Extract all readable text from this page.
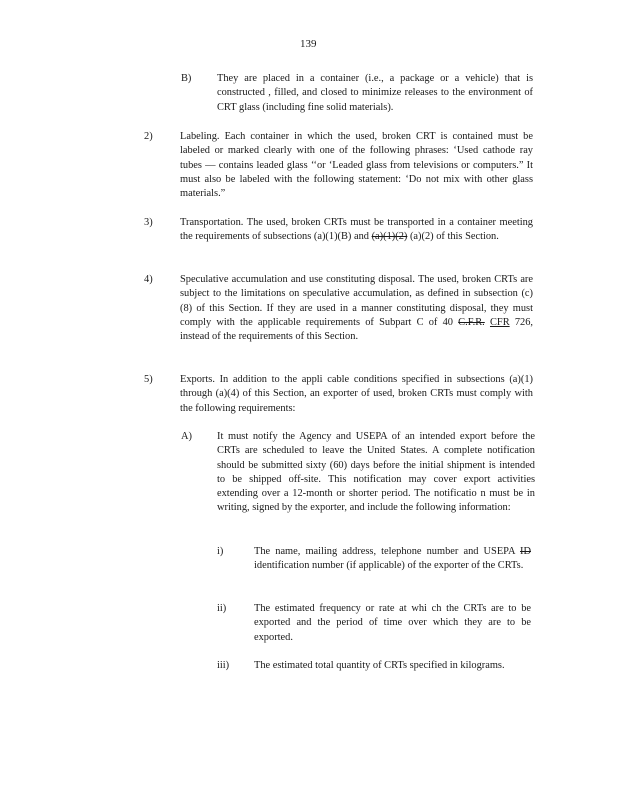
139
B) They are placed in a container (i.e., a package or a vehicle) that is constructed , filled, and closed to minimize releases to the environment of CRT glass (including fine solid materials).
2)	Labeling. Each container in which the used, broken CRT is contained must be labeled or marked clearly with one of the following phrases: ‘Used cathode ray tubes — contains leaded glass ‘‘or ‘Leaded glass from televisions or computers.” It must also be labeled with the following statement: ‘Do not mix with other glass materials.”
3)	Transportation. The used, broken CRTs must be transported in a container meeting the requirements of subsections (a)(1)(B) and (a)(1)(2) (a)(2) of this Section.
4)	Speculative accumulation and use constituting disposal. The used, broken CRTs are subject to the limitations on speculative accumulation, as defined in subsection (c)(8) of this Section. If they are used in a manner constituting disposal, they must comply with the applicable requirements of Subpart C of 40 C.F.R. CFR 726, instead of the requirements of this Section.
5)	Exports. In addition to the appli cable conditions specified in subsections (a)(1) through (a)(4) of this Section, an exporter of used, broken CRTs must comply with the following requirements:
A) It must notify the Agency and USEPA of an intended export before the CRTs are scheduled to leave the United States. A complete notification should be submitted sixty (60) days before the initial shipment is intended to be shipped off-site. This notification may cover export activities extending over a 12-month or shorter period. The notificatio n must be in writing, signed by the exporter, and include the following information:
i)	The name, mailing address, telephone number and USEPA ID identification number (if applicable) of the exporter of the CRTs.
ii)	The estimated frequency or rate at whi ch the CRTs are to be exported and the period of time over which they are to be exported.
iii) The estimated total quantity of CRTs specified in kilograms.
